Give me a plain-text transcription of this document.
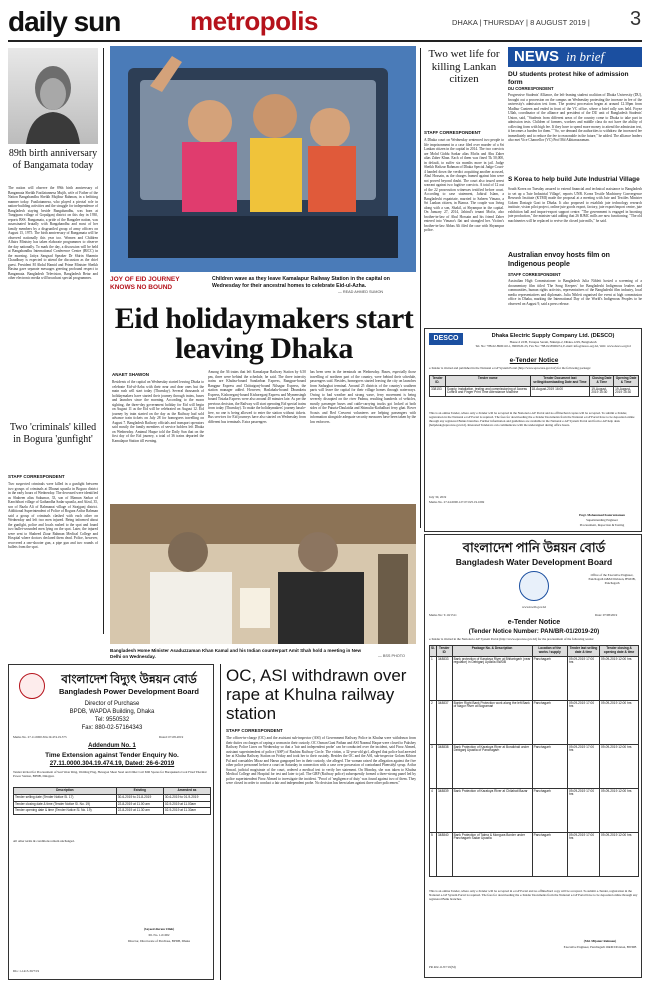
daily sun	metropolis	DHAKA | THURSDAY | 8 AUGUST 2019 | 3
89th birth anniversary of Bangamata today
The nation will observe the 89th birth anniversary of Bangamata Sheikh Fazilatunnesa Mujib, wife of Father of the Nation Bangabandhu Sheikh Mujibur Rahman, in a befitting manner today. Fazilatunnesa, who played a pivotal role in nation-building activities and the struggle for independence of Bangladesh staying beside Bangabandhu, was born at Tungipara village of Gopalganj district on this day in 1930, reports BSS. Bangamata, a pride of the Bangalee nation, was assassinated brutally with Bangabandhu and most of her family members by a disgruntled group of army officers on August 15, 1975. The birth anniversary of Bangamata will be observed nationally this year too. Women and Children Affairs Ministry has taken elaborate programmes to observe the day nationally. To mark the day, a discussion will be held at Bangabandhu International Conference Centre (BICC) in the morning. Jatiya Sangsad Speaker Dr Shirin Sharmin Chaudhury is expected to attend the discussion as the chief guest. President M Abdul Hamid and Prime Minister Sheikh Hasina gave separate messages greeting profound respect to Bangamata. Bangladesh Television, Bangladesh Betar and other electronic media will broadcast special programmes.
Two 'criminals' killed in Bogura 'gunfight'
STAFF CORRESPONDENT
Two suspected criminals were killed in a gunfight between two groups of criminals at Dhunat upazila in Bogura district in the early hours of Wednesday. The deceased were identified as Shaheen alias Sukumar, 33, son of Mamun Sarkar of Kanchibari village of Gaibandha Sadar upazila, and Afzal, 35, son of Bazlu Ali of Rahmanat village of Sirajganj district. Additional Superintendent of Police of Bogura Arifur Rahman said a group of criminals clashed with each other on Wednesday and left two men injured. Being informed about the gunfight, police and locals rushed to the spot and found two bullet-wounded men lying on the spot. Later, the injured were sent to Shaheed Ziaur Rahman Medical College and Hospital where doctors declared them dead. Police, however, recovered a one-shooter gun, a pipe gun and two rounds of bullets from the spot.
JOY OF EID JOURNEY KNOWS NO BOUND
Children wave as they leave Kamalapur Railway Station in the capital on Wednesday for their ancestral homes to celebrate Eid-ul-Azha.
— READ AHMED SUMON
Eid holidaymakers start leaving Dhaka
ANAET SHAWON
Residents of the capital on Wednesday started leaving Dhaka to celebrate Eid-ul-Azha with their near and dear ones but the main rush will start today (Thursday). Several thousands of holidaymakers have started their journey through trains, buses and launches since the morning. According to the moon sighting, the three-day government holiday for Eid will begin on August 11 as the Eid will be celebrated on August 12. Eid journey by train started on the day as the Railway had sold advance train tickets on July 28 for homegoers travelling on August 7. Bangladesh Railway officials and transport operators said mostly the family members of service holders left Dhaka on Wednesday. Amimul Haque told the Daily Sun that on the first day of the Eid journey, a total of 36 trains departed the Kamalapur Station till evening.
Among the 36 trains that left Kamalapur Railway Station by 6.50 pm, three were behind the schedule, he said. The three intercity trains are Khulna-bound Sundarban Express, Rangpur-bound Rangpur Express and Chittatgonj-bound Nilsagar Express, the station manager added. However, Haslabalu-bound Dhumketu Express, Kishoreganj-bound Kishoreganj Express and Mymensingh bound Tistaka Express were also around 40 minutes late. As per the previous decision, the Railway will start operating Eid special trains from today (Thursday). To make the holidaymakers' journey hassle-free, no one is being allowed to enter the station without tickets. Bus services for Eid journeys have also started on Wednesday from different bus terminals. Extra passengers
has been seen in the terminals on Wednesday. Buses, especially those travelling of northern part of the country, were behind their schedule, passengers said. Besides, homegoers started leaving the city on launches from Sadarghat terminal. Around 25 districts of the country's southern parts will leave the capital for their village homes through waterways. Owing to bad weather and strong wave, ferry movement is being severely disrupted on the river Padma, resulting hundreds of vehicles, mostly passenger buses and cattle-carrying trucks got locked at both sides of the Paturia-Daulatdia and Shimulia-Kathalbari ferry ghat. Rover Scouts and Red Crescent volunteers are helping passengers with information alongside adequate security measures have been taken by the law enforcers.
Bangladesh Home Minister Asaduzzaman Khan Kamal and his Indian counterpart Amit Shah hold a meeting in New Delhi on Wednesday.	— BSS PHOTO
Two wet life for killing Lankan citizen
STAFF CORRESPONDENT
A Dhaka court on Wednesday sentenced two people to life imprisonment in a case filed over murder of a Sri Lankan citizen in the capital in 2014. The two convicts are Mohd Giddu Sarkar alias Mofiz and Abu Zaber alias Zaber Khan. Each of them was fined Tk 50,000, in default, to suffer six months more in jail. Judge Sheikh Hafizur Rahman of Dhaka Special Judge Court-4 handed down the verdict acquitting another accused, Abul Hossain, as the charges framed against him were not proved beyond doubt. The court also issued arrest warrant against two fugitive convicts. A total of 12 out of the 22 prosecution witnesses testified before court. According to case statement, Jahirul Islam, a Bangladeshi expatriate, married to Saheen Vimara, a Sri Lankan citizen, in Bianca. The couple was living along with a son, Shakil, at Shyampur in the capital. On January 27, 2014, Jahirul's tenant Mofiz, also brother-in-law of Abul Hossain and his friend Zaber entered into Vimara's flat and strangled her. Victim's brother-in-law Abbas Ali filed the case with Shyampur police.
NEWS in brief
DU students protest hike of admission form
DU CORRESPONDENT
Progressive Students' Alliance, the left-leaning student coalition of Dhaka University (DU), brought out a procession on the campus on Wednesday protesting the increase in fee of the university's admission test form. The protest procession began at around 12.30pm from Madhur Canteen and ended in front of the VC office, where a brief rally was held. Foyez Ullah, coordinator of the alliance and president of the DU unit of Bangladesh Students' Union, said, "Students from different areas of the country come to Dhaka to take part in admission tests. Children of farmers, workers and middle class do not have the ability of collecting form with high fee. If they have to spend more money to attend the admission test, it becomes a burden for them." "So, we demand the authorities to withdraw the increased fee immediately and to reduce the fee to reasonable in the future," he added. The alliance leaders also met Vice Chancellor (VC) Prof Md Akhtaruzzaman.
S Korea to help build Jute Industrial Village
South Korea on Tuesday assured to extend financial and technical assistance to Bangladesh to set up a 'Jute Industrial Village', reports UNB. Korea Textile Machinery Convergence Research Institute (KTMI) made the proposal at a meeting with Jute and Textiles Minister Golam Dastagir Gazi in Dhaka. It also proposed to establish jute technology research institute, vision pilot project, online jute goods export, factory, jute export/import centre, jute exhibition hall and import-export support centre. "The government is engaged in boosting jute production," the minister said adding that 26 BJMC mills are now functioning. "The old machineries will be replaced to revive the closed jute mills," he said.
Australian envoy hosts film on Indigenous people
STAFF CORRESPONDENT
Australian High Commissioner to Bangladesh Julia Niblett hosted a screening of a documentary film titled 'The Song Keepers' for Bangladeshi Indigenous leaders and communities, human rights activists, representatives of the Bangladeshi film industry, local media representatives and diplomats. Julia Niblett organised the event at high commission office in Dhaka, marking the International Day of the World's Indigenous Peoples to be observed on August 9, said a press release.
DESCO	Dhaka Electric Supply Company Ltd. (DESCO)
House # 22/B, Faruque Sarani, Nikunja-2, Dhaka-1229, Bangladesh
Tel. No: +88-02-8900110-1, 8900520-23, Fax No: +88-02-8900474, E-mail: info@desco.org.bd, Web: www.desco.org.bd
e-Tender Notice
e-Tender is invited and published in the National e-GP System Portal (http://www.eprocure.gov.bd/) for the following package:
Tender ID.	Tender name	Tender Document last selling/downloading Date and Time	Closing Date & Time	Opening Date & Time
338153	Supply, installation, testing and commissioning of Access Control and Finger Print Time Attendance Machine	18-August-2019 16:00	19-August-2019 15:30	19-August-2019 15:30
This is an online Tender, where only e-Tender will be accepted in the National e-GP Portal and no offline/hard copies will be accepted. To submit e-Tender, registration in the National e-GP Portal is required. The fees for downloading the e-Tender Documents from the National e-GP Portal have to be deposited online through any registered Banks branches. Further information and guidelines are available in the National e-GP System Portal and from e-GP help desk (helpdesk@eprocure.gov.bd). Interested Tenderers can communicate with the undersigned during office hours.
July 30, 2019
Memo No. 27.24.0000.127.07.025.19.1069
Engr. Mohammed Kamruzzaman
Superintending Engineer
Procurement, Inspection & Testing
বাংলাদেশ পানি উন্নয়ন বোর্ড
Bangladesh Water Development Board
Office of the Executive Engineer, Panchagarh O&M Division, BWDB, Panchagarh
www.bwdb.gov.bd
Memo No: T-10/1511	Date: 07/08/2019
e-Tender Notice
(Tender Notice Number: PAN/BR-01/2019-20)
e-Tender is invited in the National e-GP System Portal (http://www.eprocure.gov.bd) for the procurement of the following works:
Sl.	Tender ID	Package No. & Description	Location of the works / supply	Tender last selling date & time	Tender closing & opening date & time
1	348833	Bank protection of Karatoya River at Bhitarbgarh (near regulator) in Debiganj Upazila BWDB	Panchagarh	09-09-2019 17:00 hrs	09-09-2019 12:00 hrs
2	348837	Border Right Bank Protection work along the left Bank of Nagor River at Bogramari	Panchagarh	09-09-2019 17:00 hrs	09-09-2019 12:00 hrs
3	348838	Bank Protection of Karatoya River at Boralkhali under Debiganj Upazila of Panchagarh	Panchagarh	09-09-2019 17:00 hrs	09-09-2019 12:00 hrs
4	348839	Bank Protection of Karatoya River at Chilahati Bazar	Panchagarh	09-09-2019 17:00 hrs	09-09-2019 12:00 hrs
5	348840	Bank Protection of Talma & Mongura Border under Panchagarh Sadar Upazila	Panchagarh	09-09-2019 17:00 hrs	09-09-2019 12:00 hrs
This is an online Tender, where only e-Tender will be accepted in e-GP Portal and no offline/hard copy will be accepted. To submit e-Tender, registration in the National e-GP System Portal is required. The fees for downloading the e-Tender Documents from the National e-GP Portal have to be deposited online through any registered Bank branches.
PR 402-11/07/19(SI)
(Md. Mijanur Rahman)
Executive Engineer, Panchagarh O&M Division, BWDB
বাংলাদেশ বিদ্যুৎ উন্নয়ন বোর্ড
Bangladesh Power Development Board
Director of Purchase
BPDB, WAPDA Building, Dhaka
Tel: 9550532
Fax: 880-02-57164343
Memo No. 27.11.0000.304.19.474.19.375	Dated: 07-08-2019
Addendum No. 1
Time Extension against Tender Enquiry No.
27.11.0000.304.19.474.19, Dated: 26-6-2019
Tender invited for Procurement of Seal Wear Ring, Welding Plug, Hexagon Sheet Steel and Other Coil Mill Spares for Barapukuria Coal Fired Thermal Power Station, BPDB, Dinajpur.
Description	Existing	Amended as
Tender selling date (Tender Notice Sl. 17)	30-6-2019 to 21-8-2019	30-6-2019 to 01-9-2019
Tender closing date & time (Tender Notice Sl. No. 19)	22-8-2019 at 11.00 am	02-9-2019 at 11.00am
Tender opening date & time (Tender Notice Sl. No. 19)	22-8-2019 at 11.30 am	02-9-2019 at 11.30am
All other terms & conditions remain unchanged.
(Sayeed Akram Ullah)
ID. No. 1-01002
Director, Directorate of Purchase, BPDB, Dhaka
DG: 1-1413-30/7/19
OC, ASI withdrawn over rape at Khulna railway station
STAFF CORRESPONDENT
The officer-in-charge (OC) and the assistant sub-inspector (ASI) of Government Railway Police in Khulna were withdrawn from their duties on charges of raping a woman in their custody. OC Osman Gani Pathan and ASI Nazmul Haque were closed to Pakshey Railway Police Lines on Wednesday so that a 'fair and independent probe' can be conducted over the incident, said Firoz Ahmed, assistant superintendent of police (ASP) of Rashtra Railway Circle. The victim, a 32-year-old girl, alleged that police had arrested her at Khulna Railway Station on Friday and took her to their custody. Besides the OC and the ASI, sub-inspector Golam Kibirar Pal and constables Miraz and Harun gangraped her in their custody, she alleged. The woman raised the allegation against the five other police personnel before a court on Saturday in connection with a case over possession of contraband Phensidyl syrup. Arifur Sawad, judicial magistrate of the court, ordered a medical test to verify her statement. On Monday, she was taken to Khulna Medical College and Hospital for test and later to jail. The GRP (Railway police) subsequently formed a three-strong panel led by police superintendent Firoz Ahmed to investigate the incident. "Proof of 'negligence of duty' was found against two of them. They were closed in order to conduct a fair and independent probe. No decision has been taken against three other policemen."
